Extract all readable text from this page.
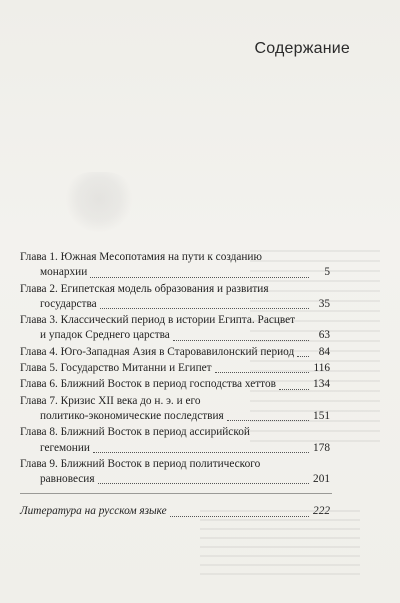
Содержание
Глава 1. Южная Месопотамия на пути к созданию
монархии	5
Глава 2. Египетская модель образования и развития
государства	35
Глава 3. Классический период в истории Египта. Расцвет
и упадок Среднего царства	63
Глава 4. Юго-Западная Азия в Старовавилонский период	84
Глава 5. Государство Митанни и Египет	116
Глава 6. Ближний Восток в период господства хеттов	134
Глава 7. Кризис XII века до н. э. и его
политико-экономические последствия	151
Глава 8. Ближний Восток в период ассирийской
гегемонии	178
Глава 9. Ближний Восток в период политического
равновесия	201
Литература на русском языке	222
